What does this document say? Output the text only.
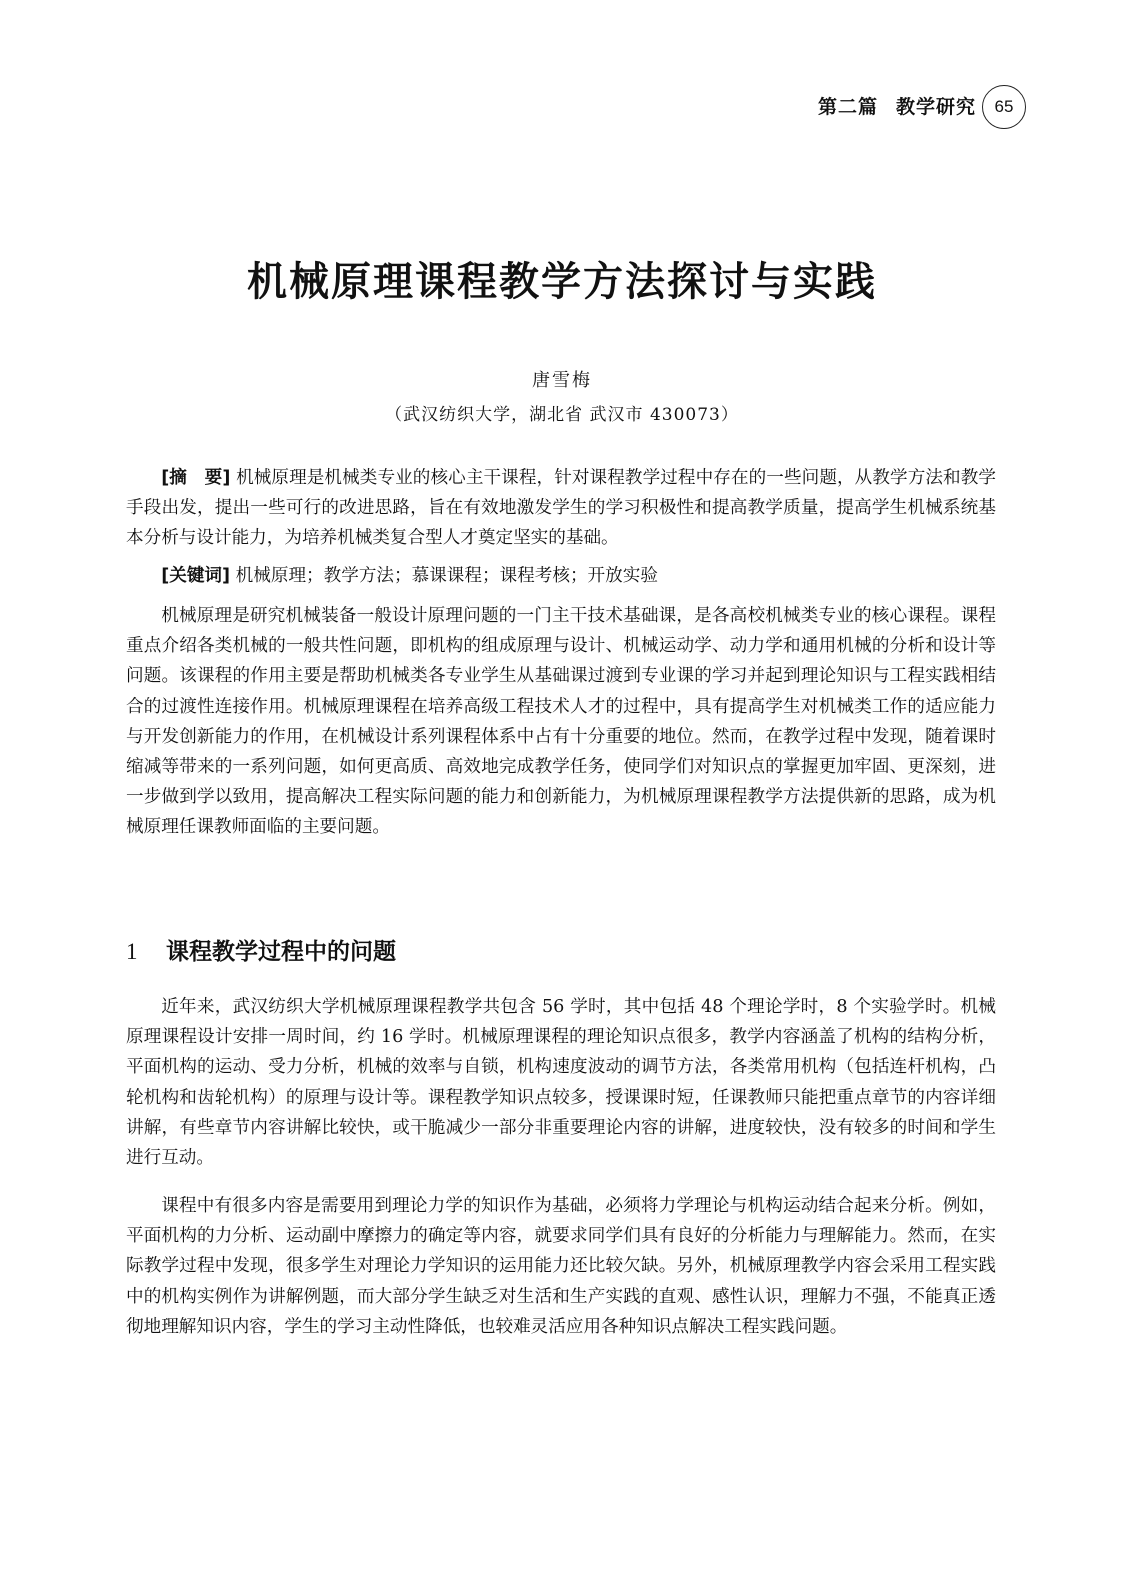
第二篇 教学研究	65
机械原理课程教学方法探讨与实践
唐雪梅
（武汉纺织大学，湖北省 武汉市 430073）
[摘　要] 机械原理是机械类专业的核心主干课程，针对课程教学过程中存在的一些问题，从教学方法和教学手段出发，提出一些可行的改进思路，旨在有效地激发学生的学习积极性和提高教学质量，提高学生机械系统基本分析与设计能力，为培养机械类复合型人才奠定坚实的基础。
[关键词] 机械原理；教学方法；慕课课程；课程考核；开放实验
机械原理是研究机械装备一般设计原理问题的一门主干技术基础课，是各高校机械类专业的核心课程。课程重点介绍各类机械的一般共性问题，即机构的组成原理与设计、机械运动学、动力学和通用机械的分析和设计等问题。该课程的作用主要是帮助机械类各专业学生从基础课过渡到专业课的学习并起到理论知识与工程实践相结合的过渡性连接作用。机械原理课程在培养高级工程技术人才的过程中，具有提高学生对机械类工作的适应能力与开发创新能力的作用，在机械设计系列课程体系中占有十分重要的地位。然而，在教学过程中发现，随着课时缩减等带来的一系列问题，如何更高质、高效地完成教学任务，使同学们对知识点的掌握更加牢固、更深刻，进一步做到学以致用，提高解决工程实际问题的能力和创新能力，为机械原理课程教学方法提供新的思路，成为机械原理任课教师面临的主要问题。
1 课程教学过程中的问题
近年来，武汉纺织大学机械原理课程教学共包含 56 学时，其中包括 48 个理论学时，8 个实验学时。机械原理课程设计安排一周时间，约 16 学时。机械原理课程的理论知识点很多，教学内容涵盖了机构的结构分析，平面机构的运动、受力分析，机械的效率与自锁，机构速度波动的调节方法，各类常用机构（包括连杆机构，凸轮机构和齿轮机构）的原理与设计等。课程教学知识点较多，授课课时短，任课教师只能把重点章节的内容详细讲解，有些章节内容讲解比较快，或干脆减少一部分非重要理论内容的讲解，进度较快，没有较多的时间和学生进行互动。
课程中有很多内容是需要用到理论力学的知识作为基础，必须将力学理论与机构运动结合起来分析。例如，平面机构的力分析、运动副中摩擦力的确定等内容，就要求同学们具有良好的分析能力与理解能力。然而，在实际教学过程中发现，很多学生对理论力学知识的运用能力还比较欠缺。另外，机械原理教学内容会采用工程实践中的机构实例作为讲解例题，而大部分学生缺乏对生活和生产实践的直观、感性认识，理解力不强，不能真正透彻地理解知识内容，学生的学习主动性降低，也较难灵活应用各种知识点解决工程实践问题。
